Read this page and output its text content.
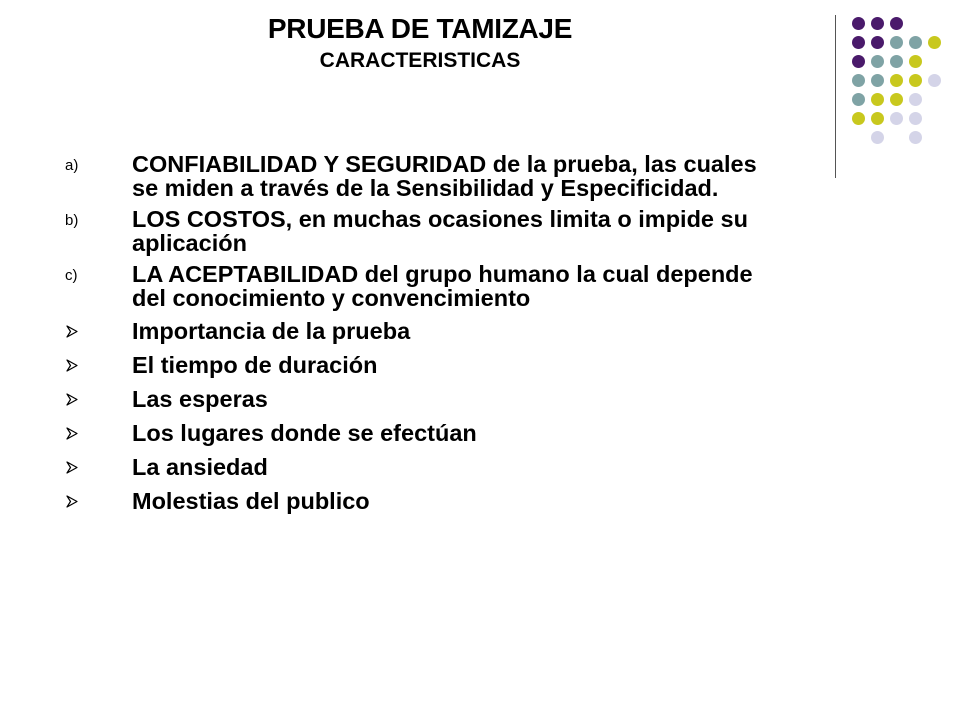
PRUEBA DE TAMIZAJE
CARACTERISTICAS
a) CONFIABILIDAD Y SEGURIDAD de la prueba, las cuales se miden a través de la Sensibilidad y Especificidad.
b) LOS COSTOS, en muchas ocasiones limita o impide su aplicación
c) LA ACEPTABILIDAD del grupo humano la cual depende del conocimiento y convencimiento
Importancia de la prueba
El tiempo de duración
Las esperas
Los lugares donde se efectúan
La ansiedad
Molestias del publico
